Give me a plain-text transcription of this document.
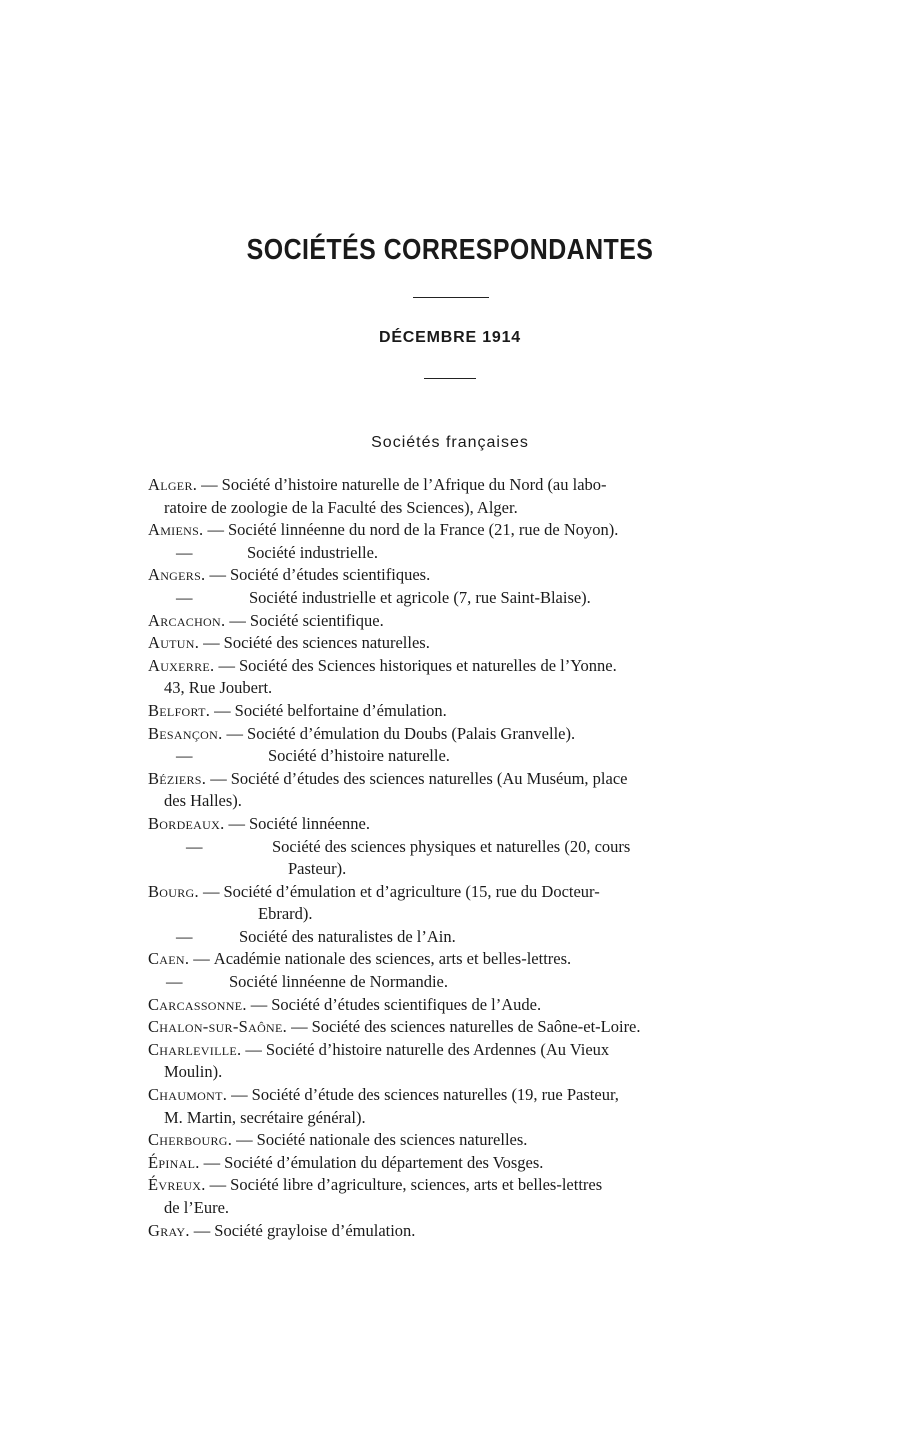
SOCIÉTÉS CORRESPONDANTES
DÉCEMBRE 1914
Sociétés françaises
Alger. — Société d’histoire naturelle de l’Afrique du Nord (au labo-
ratoire de zoologie de la Faculté des Sciences), Alger.
Amiens. — Société linnéenne du nord de la France (21, rue de Noyon).
—	Société industrielle.
Angers. — Société d’études scientifiques.
—	Société industrielle et agricole (7, rue Saint-Blaise).
Arcachon. — Société scientifique.
Autun. — Société des sciences naturelles.
Auxerre. — Société des Sciences historiques et naturelles de l’Yonne.
43, Rue Joubert.
Belfort. — Société belfortaine d’émulation.
Besançon. — Société d’émulation du Doubs (Palais Granvelle).
—	Société d’histoire naturelle.
Béziers. — Société d’études des sciences naturelles (Au Muséum, place
des Halles).
Bordeaux. — Société linnéenne.
—	Société des sciences physiques et naturelles (20, cours
Pasteur).
Bourg. — Société d’émulation et d’agriculture (15, rue du Docteur-
Ebrard).
—	Société des naturalistes de l’Ain.
Caen. — Académie nationale des sciences, arts et belles-lettres.
—	Société linnéenne de Normandie.
Carcassonne. — Société d’études scientifiques de l’Aude.
Chalon-sur-Saône. — Société des sciences naturelles de Saône-et-Loire.
Charleville. — Société d’histoire naturelle des Ardennes (Au Vieux
Moulin).
Chaumont. — Société d’étude des sciences naturelles (19, rue Pasteur,
M. Martin, secrétaire général).
Cherbourg. — Société nationale des sciences naturelles.
Épinal. — Société d’émulation du département des Vosges.
Évreux. — Société libre d’agriculture, sciences, arts et belles-lettres
de l’Eure.
Gray. — Société grayloise d’émulation.
